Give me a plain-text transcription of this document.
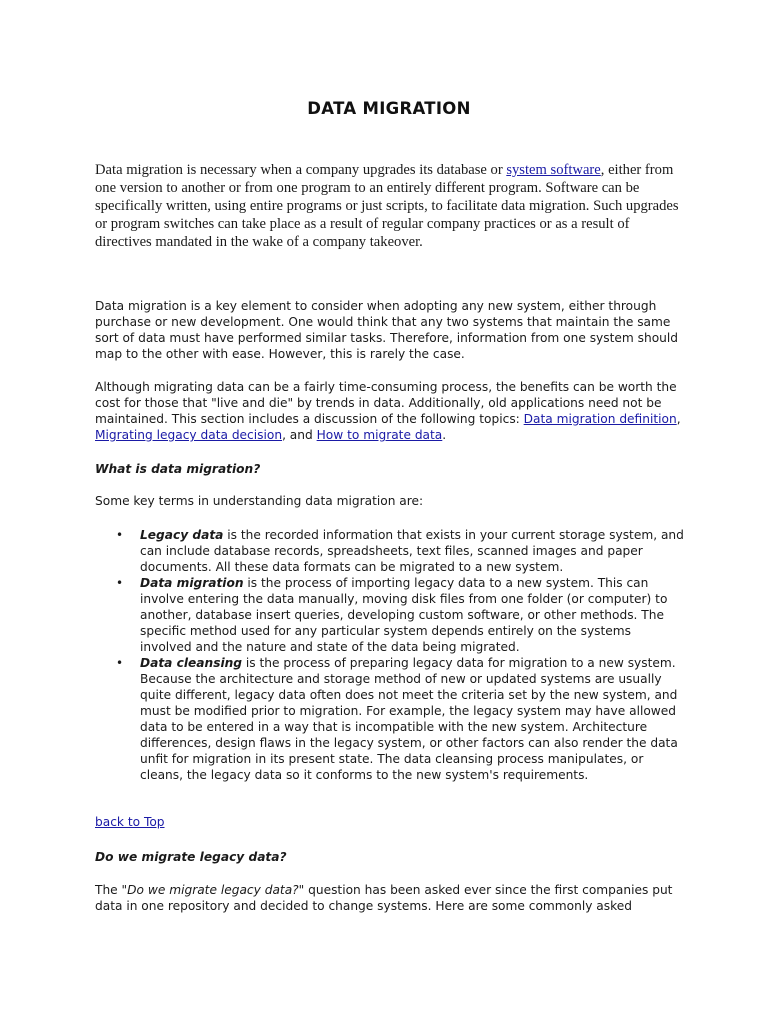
DATA MIGRATION

Data migration is necessary when a company upgrades its database or system software, either from one version to another or from one program to an entirely different program. Software can be specifically written, using entire programs or just scripts, to facilitate data migration. Such upgrades or program switches can take place as a result of regular company practices or as a result of directives mandated in the wake of a company takeover.

Data migration is a key element to consider when adopting any new system, either through purchase or new development. One would think that any two systems that maintain the same sort of data must have performed similar tasks. Therefore, information from one system should map to the other with ease. However, this is rarely the case.

Although migrating data can be a fairly time-consuming process, the benefits can be worth the cost for those that "live and die" by trends in data. Additionally, old applications need not be maintained. This section includes a discussion of the following topics: Data migration definition, Migrating legacy data decision, and How to migrate data.

What is data migration?

Some key terms in understanding data migration are:

• Legacy data is the recorded information that exists in your current storage system, and can include database records, spreadsheets, text files, scanned images and paper documents. All these data formats can be migrated to a new system.
• Data migration is the process of importing legacy data to a new system. This can involve entering the data manually, moving disk files from one folder (or computer) to another, database insert queries, developing custom software, or other methods. The specific method used for any particular system depends entirely on the systems involved and the nature and state of the data being migrated.
• Data cleansing is the process of preparing legacy data for migration to a new system. Because the architecture and storage method of new or updated systems are usually quite different, legacy data often does not meet the criteria set by the new system, and must be modified prior to migration. For example, the legacy system may have allowed data to be entered in a way that is incompatible with the new system. Architecture differences, design flaws in the legacy system, or other factors can also render the data unfit for migration in its present state. The data cleansing process manipulates, or cleans, the legacy data so it conforms to the new system's requirements.

back to Top

Do we migrate legacy data?

The "Do we migrate legacy data?" question has been asked ever since the first companies put data in one repository and decided to change systems. Here are some commonly asked
